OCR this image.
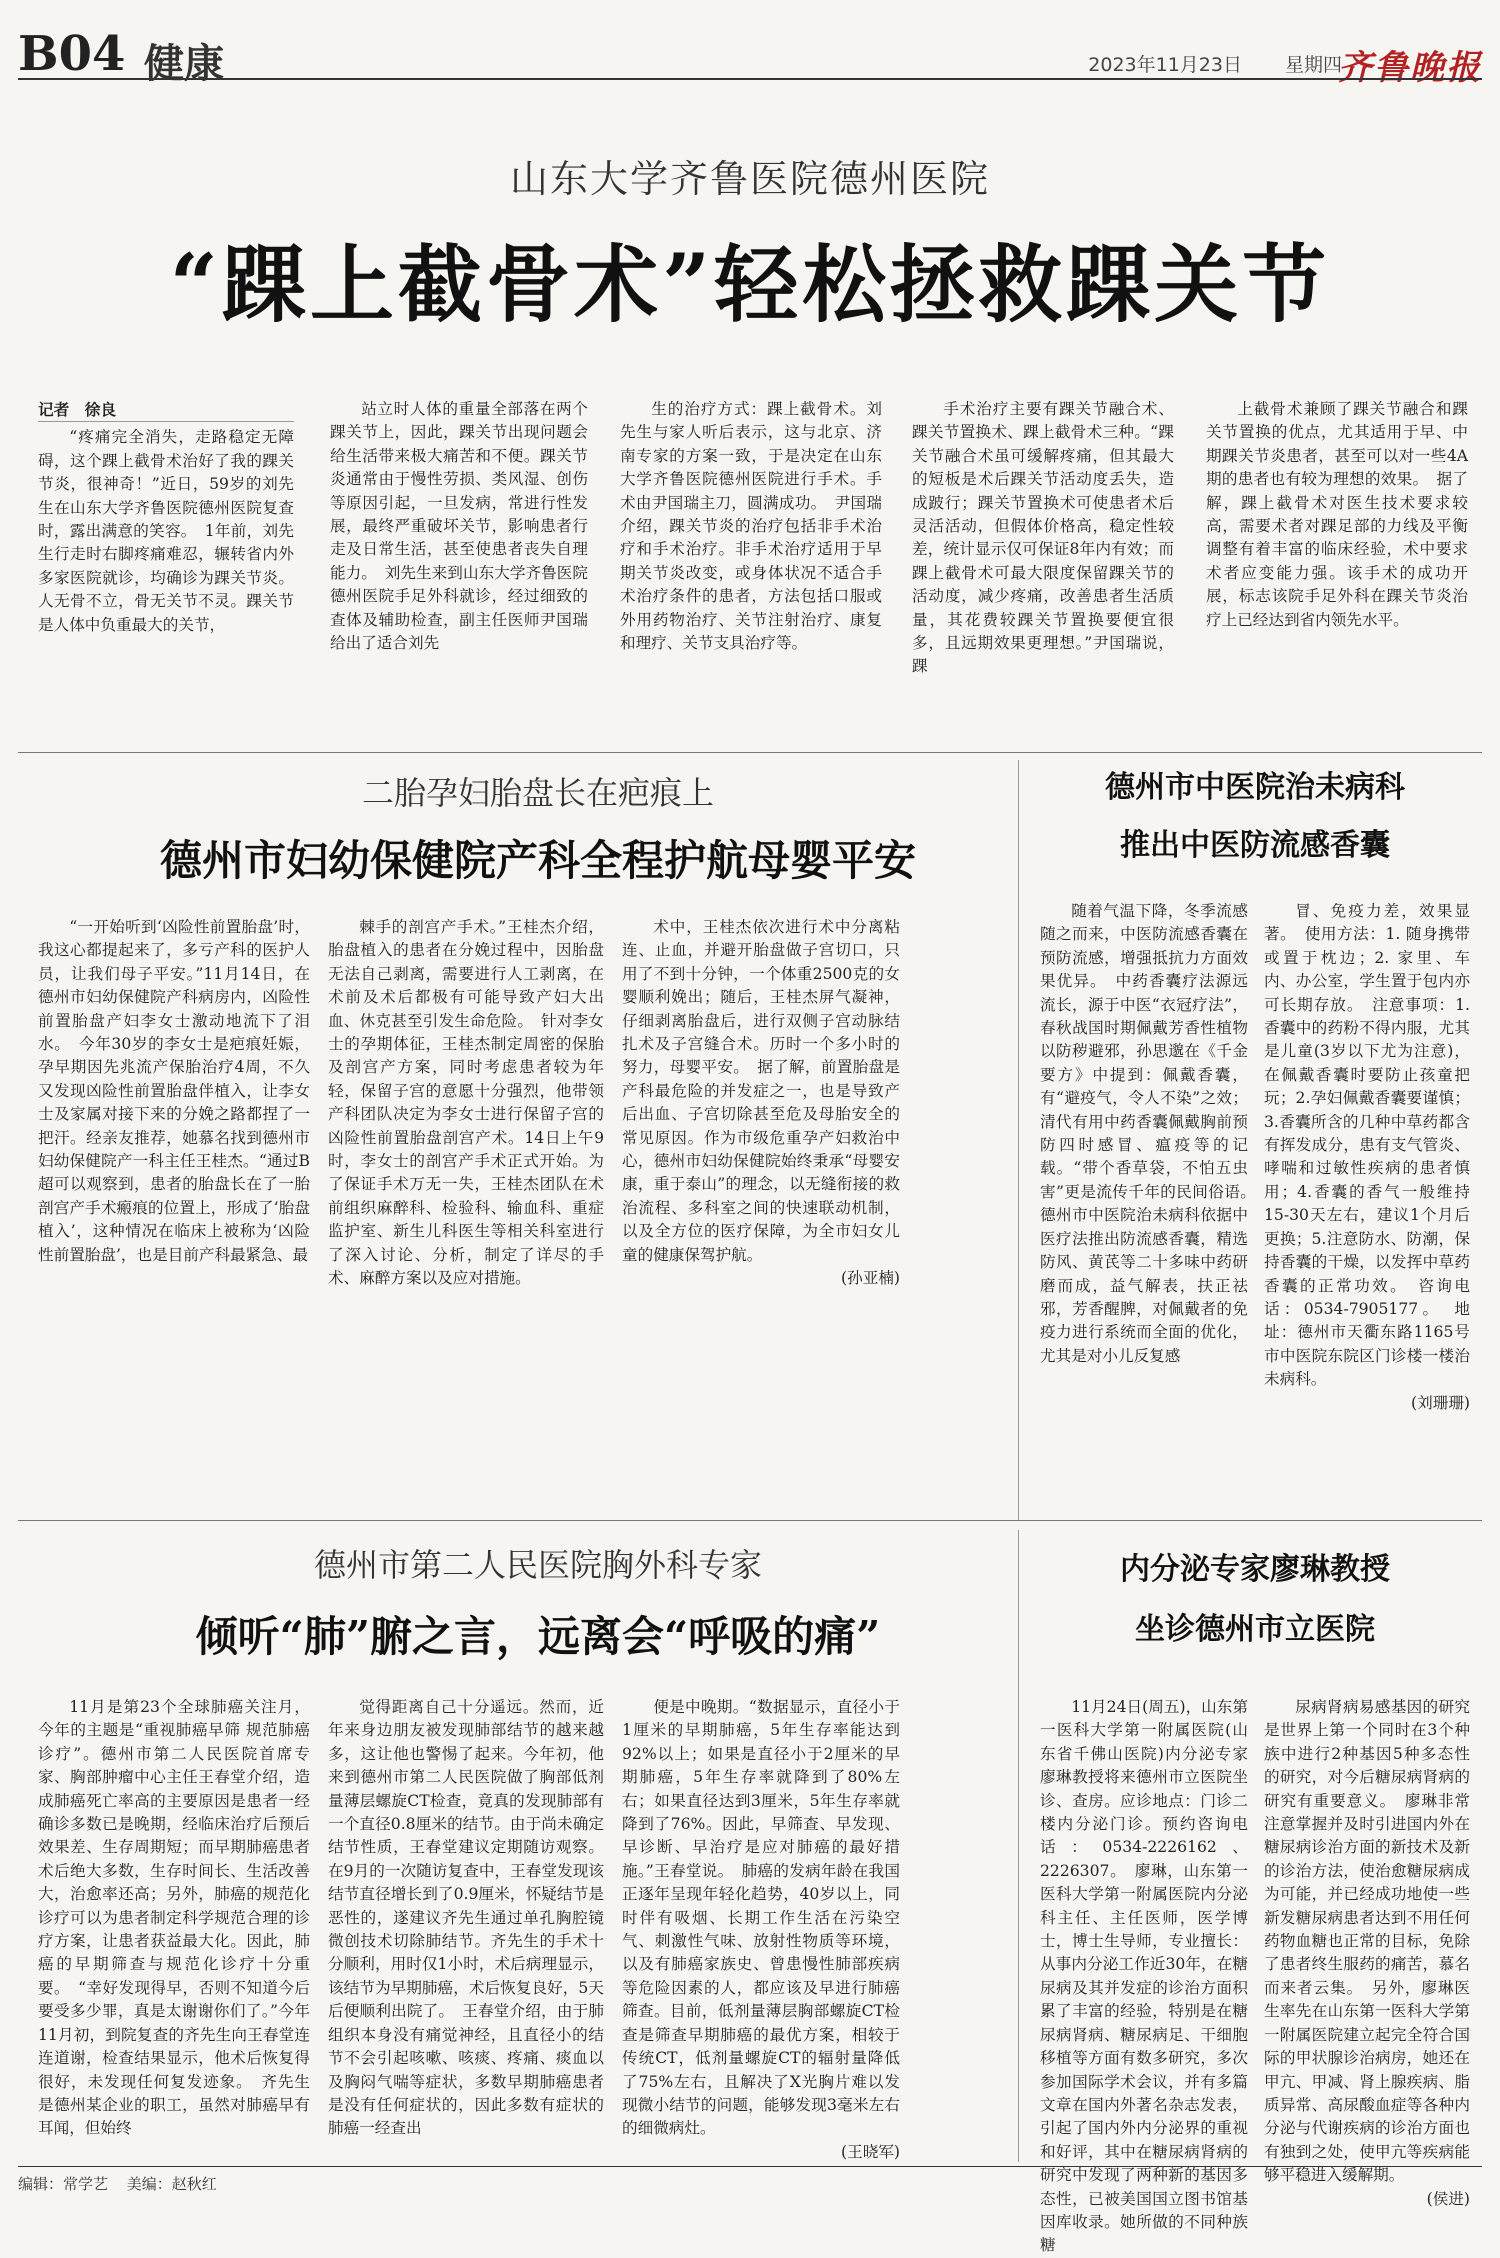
B04 健康	2023年11月23日 星期四
齐鲁晚报
山东大学齐鲁医院德州医院
“踝上截骨术”轻松拯救踝关节

记者　徐良

“疼痛完全消失，走路稳定无障碍，这个踝上截骨术治好了我的踝关节炎，很神奇！”近日，59岁的刘先生在山东大学齐鲁医院德州医院复查时，露出满意的笑容。　1年前，刘先生行走时右脚疼痛难忍，辗转省内外多家医院就诊，均确诊为踝关节炎。人无骨不立，骨无关节不灵。踝关节是人体中负重最大的关节，

站立时人体的重量全部落在两个踝关节上，因此，踝关节出现问题会给生活带来极大痛苦和不便。踝关节炎通常由于慢性劳损、类风湿、创伤等原因引起，一旦发病，常进行性发展，最终严重破坏关节，影响患者行走及日常生活，甚至使患者丧失自理能力。　刘先生来到山东大学齐鲁医院德州医院手足外科就诊，经过细致的查体及辅助检查，副主任医师尹国瑞给出了适合刘先

生的治疗方式：踝上截骨术。刘先生与家人听后表示，这与北京、济南专家的方案一致，于是决定在山东大学齐鲁医院德州医院进行手术。手术由尹国瑞主刀，圆满成功。　尹国瑞介绍，踝关节炎的治疗包括非手术治疗和手术治疗。非手术治疗适用于早期关节炎改变，或身体状况不适合手术治疗条件的患者，方法包括口服或外用药物治疗、关节注射治疗、康复和理疗、关节支具治疗等。

手术治疗主要有踝关节融合术、踝关节置换术、踝上截骨术三种。“踝关节融合术虽可缓解疼痛，但其最大的短板是术后踝关节活动度丢失，造成跛行；踝关节置换术可使患者术后灵活活动，但假体价格高，稳定性较差，统计显示仅可保证8年内有效；而踝上截骨术可最大限度保留踝关节的活动度，减少疼痛，改善患者生活质量，其花费较踝关节置换要便宜很多，且远期效果更理想。”尹国瑞说，踝

上截骨术兼顾了踝关节融合和踝关节置换的优点，尤其适用于早、中期踝关节炎患者，甚至可以对一些4A期的患者也有较为理想的效果。　据了解，踝上截骨术对医生技术要求较高，需要术者对踝足部的力线及平衡调整有着丰富的临床经验，术中要求术者应变能力强。该手术的成功开展，标志该院手足外科在踝关节炎治疗上已经达到省内领先水平。

二胎孕妇胎盘长在疤痕上
德州市妇幼保健院产科全程护航母婴平安

“一开始听到‘凶险性前置胎盘’时，我这心都提起来了，多亏产科的医护人员，让我们母子平安。”11月14日，在德州市妇幼保健院产科病房内，凶险性前置胎盘产妇李女士激动地流下了泪水。　今年30岁的李女士是疤痕妊娠，孕早期因先兆流产保胎治疗4周，不久又发现凶险性前置胎盘伴植入，让李女士及家属对接下来的分娩之路都捏了一把汗。经亲友推荐，她慕名找到德州市妇幼保健院产一科主任王桂杰。“通过B超可以观察到，患者的胎盘长在了一胎剖宫产手术瘢痕的位置上，形成了‘胎盘植入’，这种情况在临床上被称为‘凶险性前置胎盘’，也是目前产科最紧急、最

棘手的剖宫产手术。”王桂杰介绍，胎盘植入的患者在分娩过程中，因胎盘无法自己剥离，需要进行人工剥离，在术前及术后都极有可能导致产妇大出血、休克甚至引发生命危险。　针对李女士的孕期体征，王桂杰制定周密的保胎及剖宫产方案，同时考虑患者较为年轻，保留子宫的意愿十分强烈，他带领产科团队决定为李女士进行保留子宫的凶险性前置胎盘剖宫产术。14日上午9时，李女士的剖宫产手术正式开始。为了保证手术万无一失，王桂杰团队在术前组织麻醉科、检验科、输血科、重症监护室、新生儿科医生等相关科室进行了深入讨论、分析，制定了详尽的手术、麻醉方案以及应对措施。

术中，王桂杰依次进行术中分离粘连、止血，并避开胎盘做子宫切口，只用了不到十分钟，一个体重2500克的女婴顺利娩出；随后，王桂杰屏气凝神，仔细剥离胎盘后，进行双侧子宫动脉结扎术及子宫缝合术。历时一个多小时的努力，母婴平安。　据了解，前置胎盘是产科最危险的并发症之一，也是导致产后出血、子宫切除甚至危及母胎安全的常见原因。作为市级危重孕产妇救治中心，德州市妇幼保健院始终秉承“母婴安康，重于泰山”的理念，以无缝衔接的救治流程、多科室之间的快速联动机制，以及全方位的医疗保障，为全市妇女儿童的健康保驾护航。

(孙亚楠)

德州市中医院治未病科
推出中医防流感香囊

随着气温下降，冬季流感随之而来，中医防流感香囊在预防流感，增强抵抗力方面效果优异。　中药香囊疗法源远流长，源于中医“衣冠疗法”，春秋战国时期佩戴芳香性植物以防秽避邪，孙思邈在《千金要方》中提到：佩戴香囊，有“避疫气，令人不染”之效；清代有用中药香囊佩戴胸前预防四时感冒、瘟疫等的记载。“带个香草袋，不怕五虫害”更是流传千年的民间俗语。　德州市中医院治未病科依据中医疗法推出防流感香囊，精选防风、黄芪等二十多味中药研磨而成，益气解表，扶正祛邪，芳香醒脾，对佩戴者的免疫力进行系统而全面的优化，尤其是对小儿反复感

冒、免疫力差，效果显著。　使用方法：1. 随身携带或置于枕边；2. 家里、车内、办公室，学生置于包内亦可长期存放。　注意事项：1.香囊中的药粉不得内服，尤其是儿童(3岁以下尤为注意)，在佩戴香囊时要防止孩童把玩；2.孕妇佩戴香囊要谨慎；3.香囊所含的几种中草药都含有挥发成分，患有支气管炎、哮喘和过敏性疾病的患者慎用；4.香囊的香气一般维持15-30天左右，建议1个月后更换；5.注意防水、防潮，保持香囊的干燥，以发挥中草药香囊的正常功效。　咨询电话：0534-7905177。　地址：德州市天衢东路1165号市中医院东院区门诊楼一楼治未病科。

(刘珊珊)

德州市第二人民医院胸外科专家
倾听“肺”腑之言，远离会“呼吸的痛”

11月是第23个全球肺癌关注月，今年的主题是“重视肺癌早筛 规范肺癌诊疗”。德州市第二人民医院首席专家、胸部肿瘤中心主任王春堂介绍，造成肺癌死亡率高的主要原因是患者一经确诊多数已是晚期，经临床治疗后预后效果差、生存周期短；而早期肺癌患者术后绝大多数，生存时间长、生活改善大，治愈率还高；另外，肺癌的规范化诊疗可以为患者制定科学规范合理的诊疗方案，让患者获益最大化。因此，肺癌的早期筛查与规范化诊疗十分重要。　“幸好发现得早，否则不知道今后要受多少罪，真是太谢谢你们了。”今年11月初，到院复查的齐先生向王春堂连连道谢，检查结果显示，他术后恢复得很好，未发现任何复发迹象。　齐先生是德州某企业的职工，虽然对肺癌早有耳闻，但始终

觉得距离自己十分遥远。然而，近年来身边朋友被发现肺部结节的越来越多，这让他也警惕了起来。今年初，他来到德州市第二人民医院做了胸部低剂量薄层螺旋CT检查，竟真的发现肺部有一个直径0.8厘米的结节。由于尚未确定结节性质，王春堂建议定期随访观察。在9月的一次随访复查中，王春堂发现该结节直径增长到了0.9厘米，怀疑结节是恶性的，遂建议齐先生通过单孔胸腔镜微创技术切除肺结节。齐先生的手术十分顺利，用时仅1小时，术后病理显示，该结节为早期肺癌，术后恢复良好，5天后便顺利出院了。　王春堂介绍，由于肺组织本身没有痛觉神经，且直径小的结节不会引起咳嗽、咳痰、疼痛、痰血以及胸闷气喘等症状，多数早期肺癌患者是没有任何症状的，因此多数有症状的肺癌一经查出

便是中晚期。“数据显示，直径小于1厘米的早期肺癌，5年生存率能达到92%以上；如果是直径小于2厘米的早期肺癌，5年生存率就降到了80%左右；如果直径达到3厘米，5年生存率就降到了76%。因此，早筛查、早发现、早诊断、早治疗是应对肺癌的最好措施。”王春堂说。　肺癌的发病年龄在我国正逐年呈现年轻化趋势，40岁以上，同时伴有吸烟、长期工作生活在污染空气、刺激性气味、放射性物质等环境，以及有肺癌家族史、曾患慢性肺部疾病等危险因素的人，都应该及早进行肺癌筛查。目前，低剂量薄层胸部螺旋CT检查是筛查早期肺癌的最优方案，相较于传统CT，低剂量螺旋CT的辐射量降低了75%左右，且解决了X光胸片难以发现微小结节的问题，能够发现3毫米左右的细微病灶。

(王晓军)

内分泌专家廖琳教授
坐诊德州市立医院

11月24日(周五)，山东第一医科大学第一附属医院(山东省千佛山医院)内分泌专家廖琳教授将来德州市立医院坐诊、查房。应诊地点：门诊二楼内分泌门诊。预约咨询电话：0534-2226162、2226307。　廖琳，山东第一医科大学第一附属医院内分泌科主任、主任医师，医学博士，博士生导师，专业擅长：从事内分泌工作近30年，在糖尿病及其并发症的诊治方面积累了丰富的经验，特别是在糖尿病肾病、糖尿病足、干细胞移植等方面有数多研究，多次参加国际学术会议，并有多篇文章在国内外著名杂志发表，引起了国内外内分泌界的重视和好评，其中在糖尿病肾病的研究中发现了两种新的基因多态性，已被美国国立图书馆基因库收录。她所做的不同种族糖

尿病肾病易感基因的研究是世界上第一个同时在3个种族中进行2种基因5种多态性的研究，对今后糖尿病肾病的研究有重要意义。　廖琳非常注意掌握并及时引进国内外在糖尿病诊治方面的新技术及新的诊治方法，使治愈糖尿病成为可能，并已经成功地使一些新发糖尿病患者达到不用任何药物血糖也正常的目标，免除了患者终生服药的痛苦，慕名而来者云集。　另外，廖琳医生率先在山东第一医科大学第一附属医院建立起完全符合国际的甲状腺诊治病房，她还在甲亢、甲减、肾上腺疾病、脂质异常、高尿酸血症等各种内分泌与代谢疾病的诊治方面也有独到之处，使甲亢等疾病能够平稳进入缓解期。

(侯进)

编辑：常学艺 美编：赵秋红
